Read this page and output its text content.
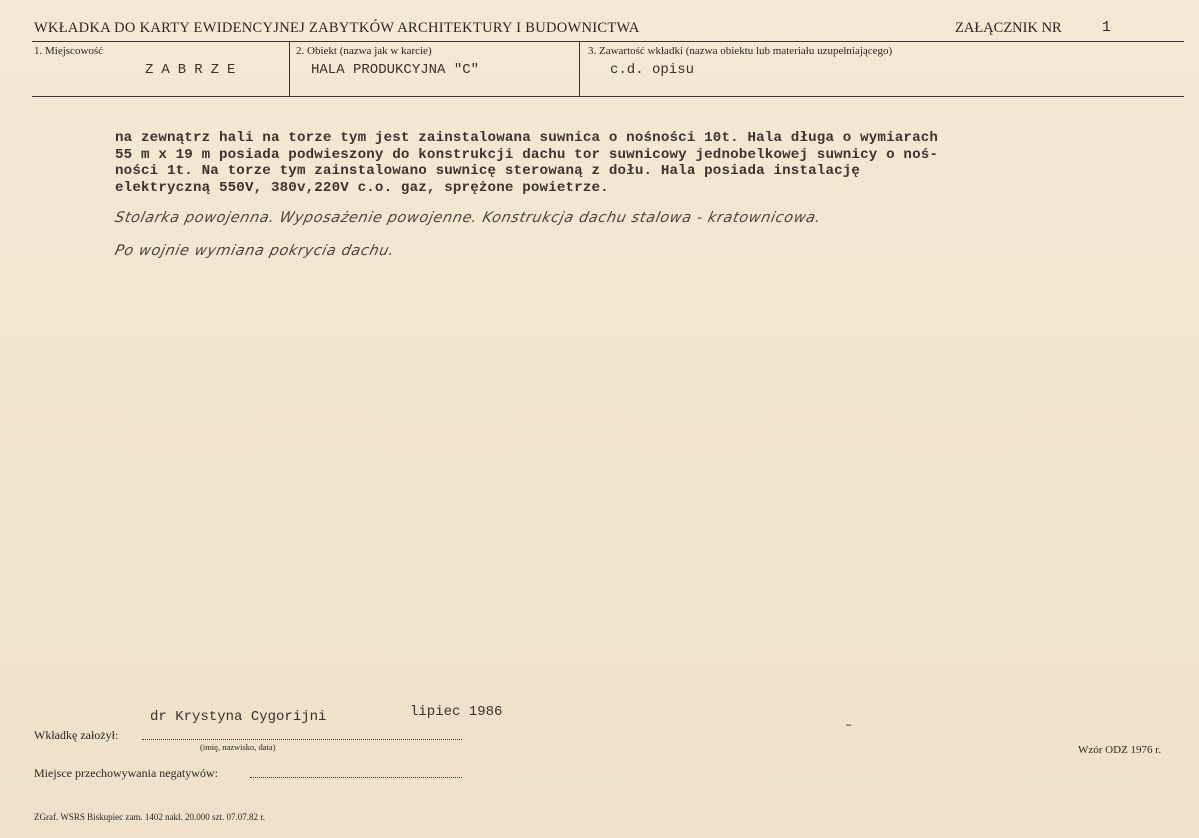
WKŁADKA DO KARTY EWIDENCYJNEJ ZABYTKÓW ARCHITEKTURY I BUDOWNICTWA	ZAŁĄCZNIK NR	1
1. Miejscowość
ZABRZE
2. Obiekt (nazwa jak w karcie)
HALA PRODUKCYJNA "C"
3. Zawartość wkładki (nazwa obiektu lub materiału uzupełniającego)
c.d. opisu
na zewnątrz hali na torze tym jest zainstalowana suwnica o nośności 10t. Hala długa o wymiarach
55 m x 19 m posiada podwieszony do konstrukcji dachu tor suwnicowy jednobelkowej suwnicy o noś-
ności 1t. Na torze tym zainstalowano suwnicę sterowaną z dołu. Hala posiada instalację
elektryczną 550V, 380v,220V c.o. gaz, sprężone powietrze.
Stolarka powojenna. Wyposażenie powojenne. Konstrukcja dachu stalowa - kratownicowa.
Po wojnie wymiana pokrycia dachu.
dr Krystyna Cygorijni	lipiec 1986
Wkładkę założył:
(imię, nazwisko, data)
–
Wzór ODZ 1976 r.
Miejsce przechowywania negatywów:
ZGraf. WSRS Biskupiec zam. 1402 nakł. 20.000 szt. 07.07.82 r.
